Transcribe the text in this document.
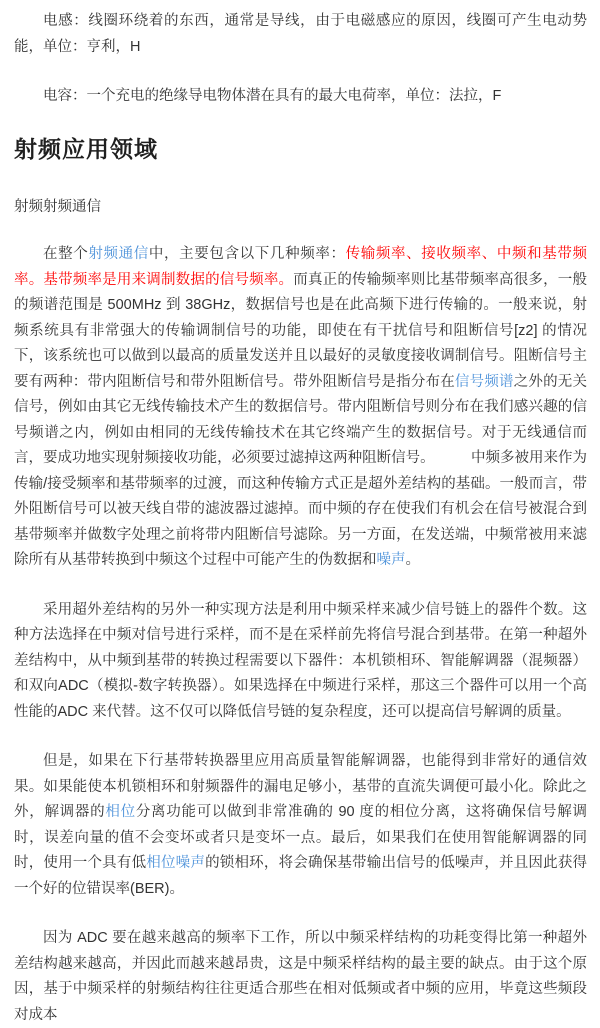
电感：线圈环绕着的东西，通常是导线，由于电磁感应的原因，线圈可产生电动势能，单位：亨利，H

电容：一个充电的绝缘导电物体潜在具有的最大电荷率，单位：法拉，F

射频应用领域
射频射频通信

在整个射频通信中，主要包含以下几种频率：传输频率、接收频率、中频和基带频率。基带频率是用来调制数据的信号频率。而真正的传输频率则比基带频率高很多，一般的频谱范围是 500MHz 到 38GHz，数据信号也是在此高频下进行传输的。一般来说，射频系统具有非常强大的传输调制信号的功能，即使在有干扰信号和阻断信号[z2] 的情况下，该系统也可以做到以最高的质量发送并且以最好的灵敏度接收调制信号。阻断信号主要有两种：带内阻断信号和带外阻断信号。带外阻断信号是指分布在信号频谱之外的无关信号，例如由其它无线传输技术产生的数据信号。带内阻断信号则分布在我们感兴趣的信号频谱之内，例如由相同的无线传输技术在其它终端产生的数据信号。对于无线通信而言，要成功地实现射频接收功能，必须要过滤掉这两种阻断信号。　　　中频多被用来作为传输/接受频率和基带频率的过渡，而这种传输方式正是超外差结构的基础。一般而言，带外阻断信号可以被天线自带的滤波器过滤掉。而中频的存在使我们有机会在信号被混合到基带频率并做数字处理之前将带内阻断信号滤除。另一方面，在发送端，中频常被用来滤除所有从基带转换到中频这个过程中可能产生的伪数据和噪声。

采用超外差结构的另外一种实现方法是利用中频采样来减少信号链上的器件个数。这种方法选择在中频对信号进行采样，而不是在采样前先将信号混合到基带。在第一种超外差结构中，从中频到基带的转换过程需要以下器件：本机锁相环、智能解调器（混频器）和双向ADC（模拟-数字转换器）。如果选择在中频进行采样，那这三个器件可以用一个高性能的ADC 来代替。这不仅可以降低信号链的复杂程度，还可以提高信号解调的质量。

但是，如果在下行基带转换器里应用高质量智能解调器，也能得到非常好的通信效果。如果能使本机锁相环和射频器件的漏电足够小，基带的直流失调便可最小化。除此之外，解调器的相位分离功能可以做到非常准确的 90 度的相位分离，这将确保信号解调时，误差向量的值不会变坏或者只是变坏一点。最后，如果我们在使用智能解调器的同时，使用一个具有低相位噪声的锁相环，将会确保基带输出信号的低噪声，并且因此获得一个好的位错误率(BER)。

因为 ADC 要在越来越高的频率下工作，所以中频采样结构的功耗变得比第一种超外差结构越来越高，并因此而越来越昂贵，这是中频采样结构的最主要的缺点。由于这个原因，基于中频采样的射频结构往往更适合那些在相对低频或者中频的应用，毕竟这些频段对成本
